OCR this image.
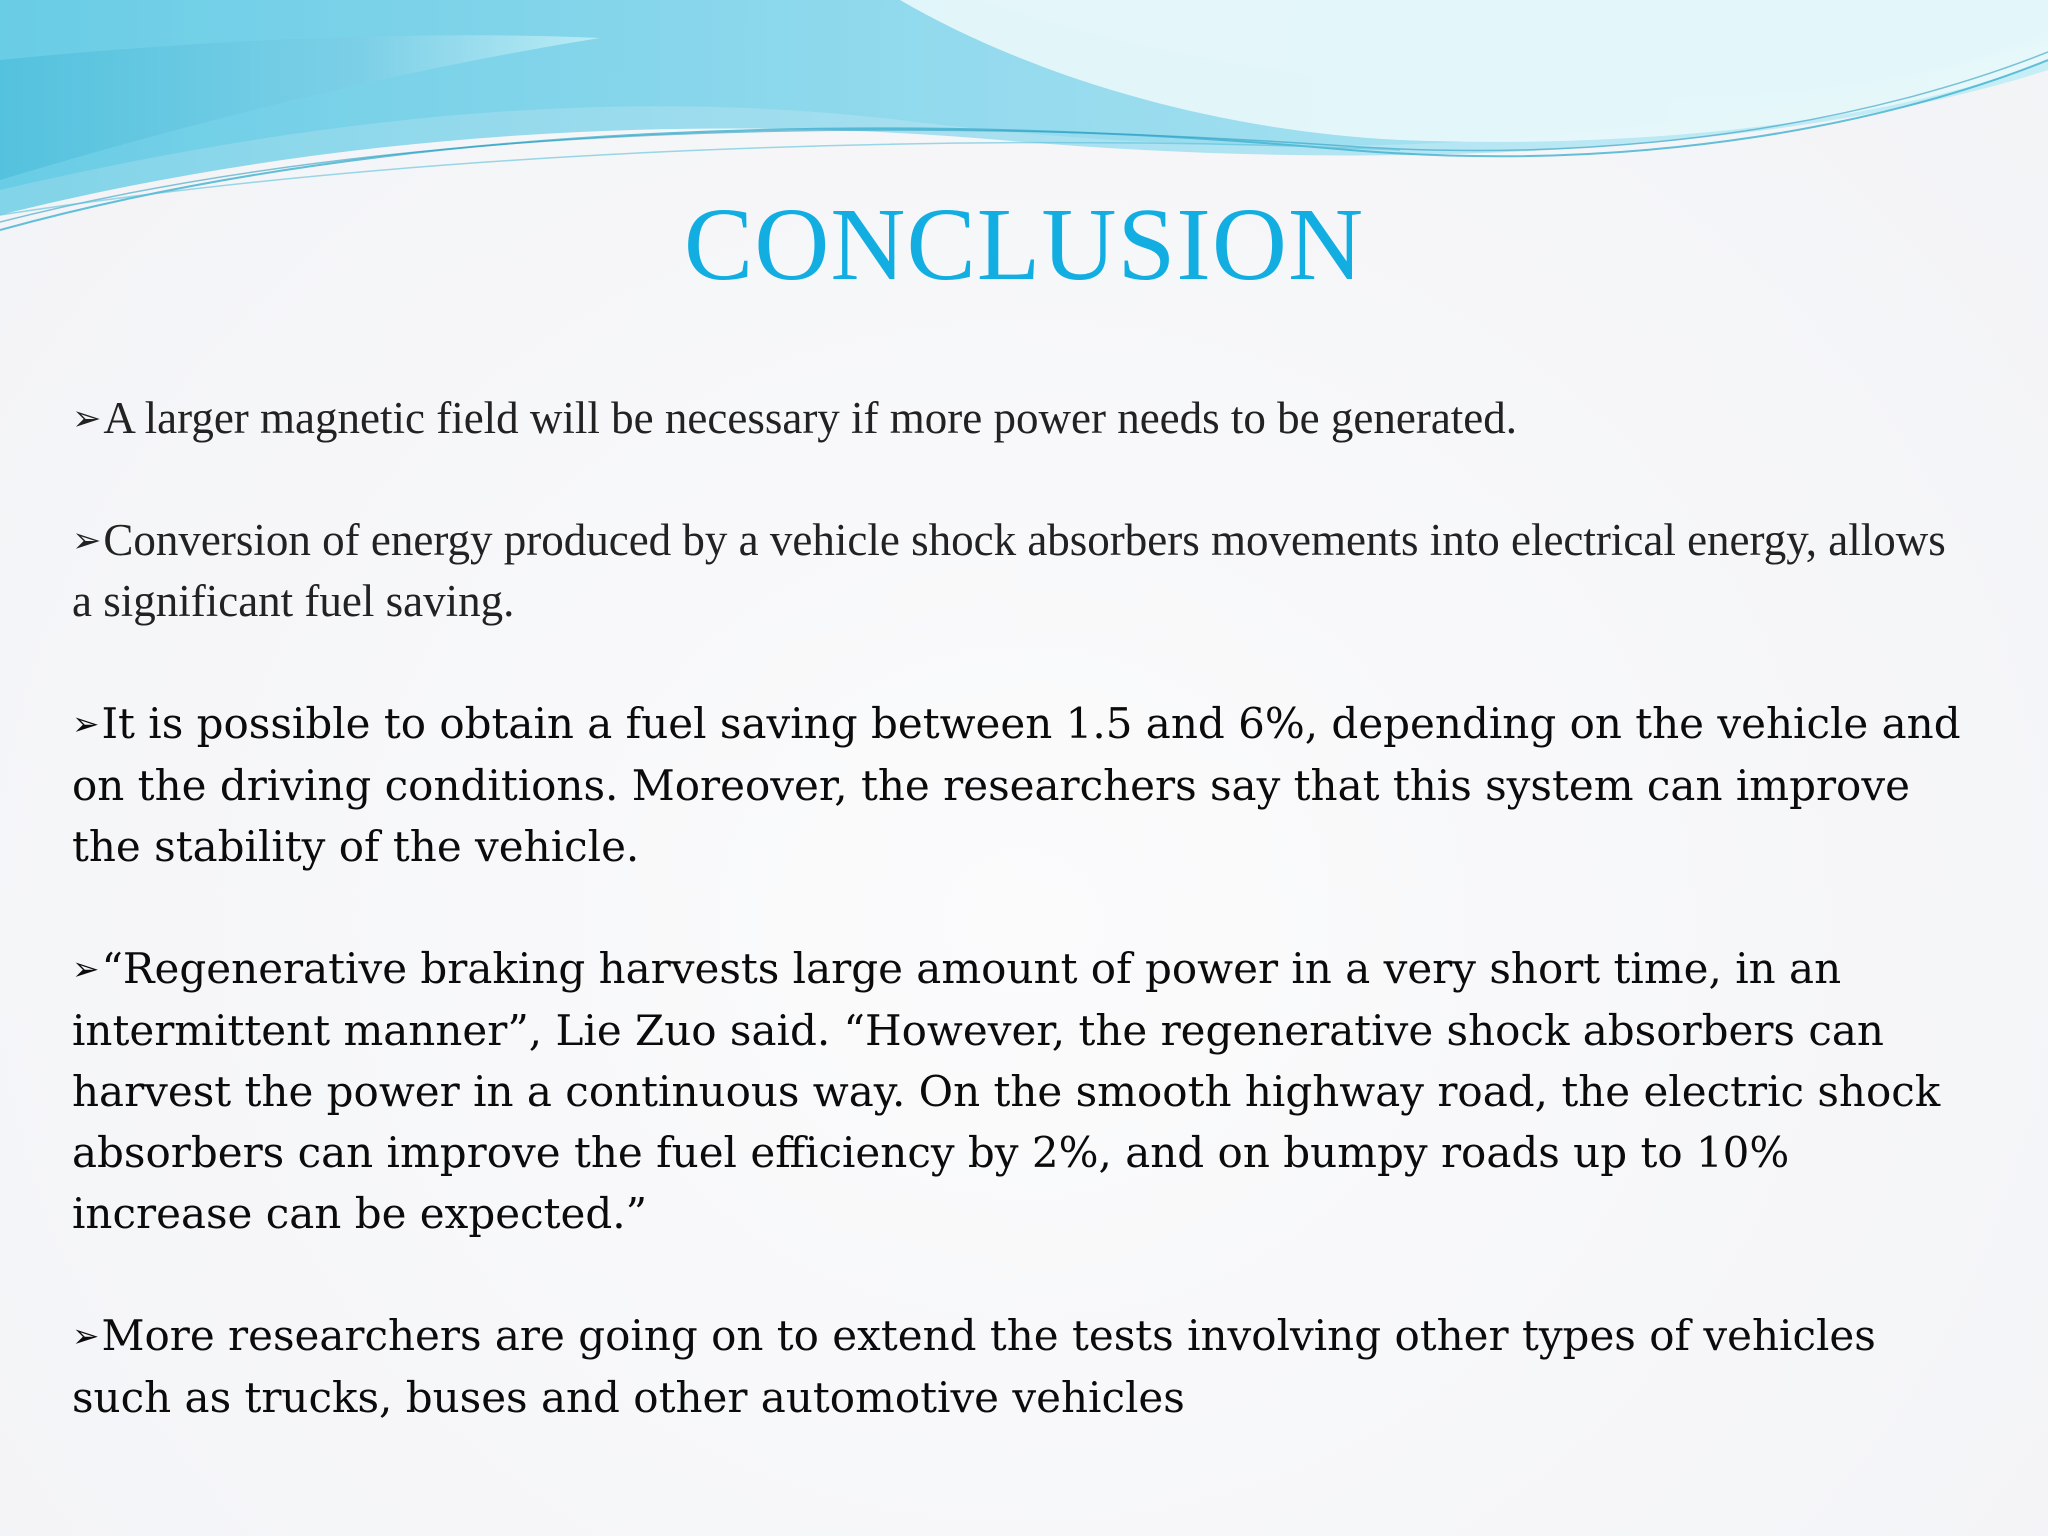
CONCLUSION

➢A larger magnetic field will be necessary if more power needs to be generated.

➢Conversion of energy produced by a vehicle shock absorbers movements into electrical energy, allows a significant fuel saving.

➢It is possible to obtain a fuel saving between 1.5 and 6%, depending on the vehicle and on the driving conditions. Moreover, the researchers say that this system can improve the stability of the vehicle.

➢“Regenerative braking harvests large amount of power in a very short time, in an intermittent manner”, Lie Zuo said. “However, the regenerative shock absorbers can harvest the power in a continuous way. On the smooth highway road, the electric shock absorbers can improve the fuel efficiency by 2%, and on bumpy roads up to 10% increase can be expected.”

➢More researchers are going on to extend the tests involving other types of vehicles such as trucks, buses and other automotive vehicles
